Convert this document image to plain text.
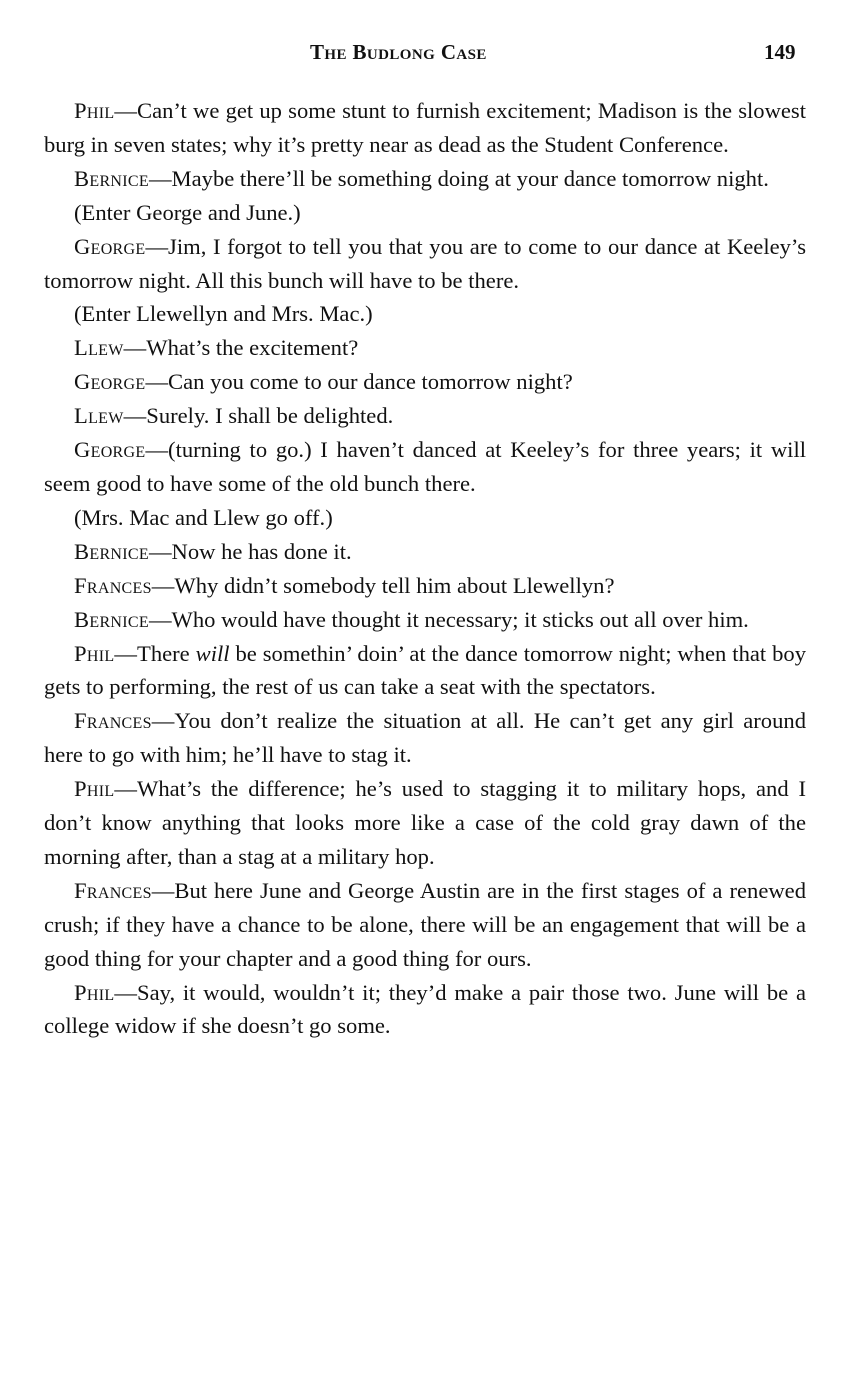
The Budlong Case	149

Phil—Can’t we get up some stunt to furnish excitement; Madison is the slowest burg in seven states; why it’s pretty near as dead as the Student Conference.

Bernice—Maybe there’ll be something doing at your dance tomorrow night.

(Enter George and June.)

George—Jim, I forgot to tell you that you are to come to our dance at Keeley’s tomorrow night. All this bunch will have to be there.

(Enter Llewellyn and Mrs. Mac.)

Llew—What’s the excitement?

George—Can you come to our dance tomorrow night?

Llew—Surely. I shall be delighted.

George—(turning to go.) I haven’t danced at Keeley’s for three years; it will seem good to have some of the old bunch there.

(Mrs. Mac and Llew go off.)

Bernice—Now he has done it.

Frances—Why didn’t somebody tell him about Llewellyn?

Bernice—Who would have thought it necessary; it sticks out all over him.

Phil—There will be somethin’ doin’ at the dance tomorrow night; when that boy gets to performing, the rest of us can take a seat with the spectators.

Frances—You don’t realize the situation at all. He can’t get any girl around here to go with him; he’ll have to stag it.

Phil—What’s the difference; he’s used to stagging it to military hops, and I don’t know anything that looks more like a case of the cold gray dawn of the morning after, than a stag at a military hop.

Frances—But here June and George Austin are in the first stages of a renewed crush; if they have a chance to be alone, there will be an engagement that will be a good thing for your chapter and a good thing for ours.

Phil—Say, it would, wouldn’t it; they’d make a pair those two. June will be a college widow if she doesn’t go some.
